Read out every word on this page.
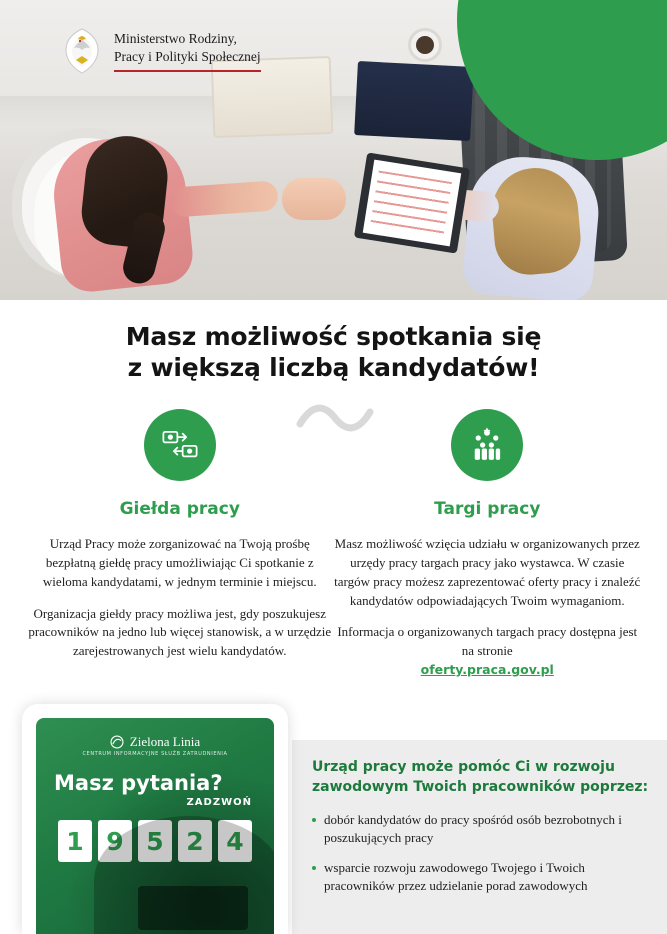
Ministerstwo Rodziny,
Pracy i Polityki Społecznej
Masz możliwość spotkania się
z większą liczbą kandydatów!
Giełda pracy

Urząd Pracy może zorganizować na Twoją prośbę bezpłatną giełdę pracy umożliwiając Ci spotkanie z wieloma kandydatami, w jednym terminie i miejscu.

Organizacja giełdy pracy możliwa jest, gdy poszukujesz pracowników na jedno lub więcej stanowisk, a w urzędzie zarejestrowanych jest wielu kandydatów.

Targi pracy

Masz możliwość wzięcia udziału w organizowanych przez urzędy pracy targach pracy jako wystawca. W czasie targów pracy możesz zaprezentować oferty pracy i znaleźć kandydatów odpowiadających Twoim wymaganiom.

Informacja o organizowanych targach pracy dostępna jest na stronie
oferty.praca.gov.pl

Zielona Linia
CENTRUM INFORMACYJNE SŁUŻB ZATRUDNIENIA
Masz pytania?
ZADZWOŃ
1 9 5 2 4
Urząd pracy może pomóc Ci w rozwoju
zawodowym Twoich pracowników poprzez:
dobór kandydatów do pracy spośród osób bezrobotnych i poszukujących pracy
wsparcie rozwoju zawodowego Twojego i Twoich pracowników przez udzielanie porad zawodowych
